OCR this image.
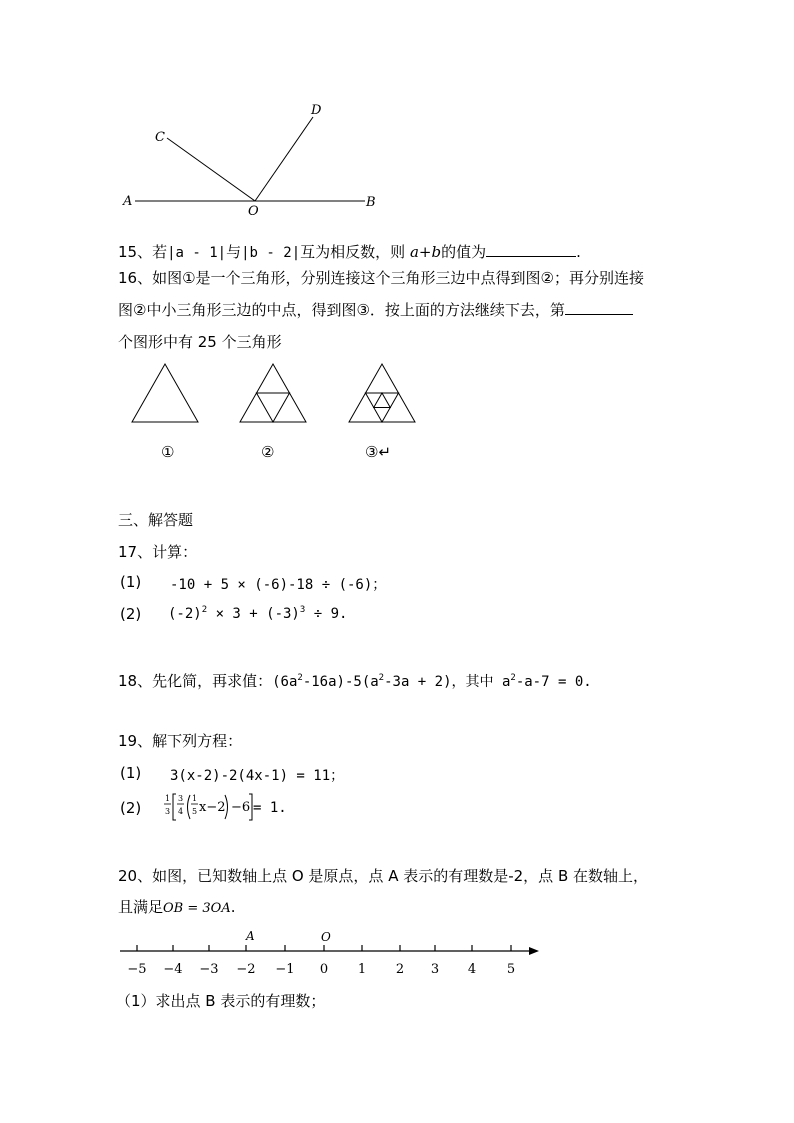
C
D
A
O
B
15、若|a - 1|与|b - 2|互为相反数，则 a+b的值为	.
16、如图①是一个三角形，分别连接这个三角形三边中点得到图②；再分别连接
图②中小三角形三边的中点，得到图③．按上面的方法继续下去，第
个图形中有 25 个三角形
①	②	③↵
三、解答题
17、计算：
(1) -10 + 5 × (-6)-18 ÷ (-6)；
(2) $(-2)^2 \times 3 + (-3)^3 \div 9$.
18、先化简，再求值：$(6a^2-16a)-5(a^2-3a + 2)$，其中 $a^2-a-7 = 0$.
19、解下列方程：
(1) 3(x-2)-2(4x-1) = 11；
(2)
1
3
3
4
1
5 x−2 −6 = 1.
20、如图，已知数轴上点 O 是原点，点 A 表示的有理数是-2，点 B 在数轴上，
且满足OB = 3OA.
−5 −4 −3 −2 −1 0 1 2 3 4 5
A	O
（1）求出点 B 表示的有理数；
